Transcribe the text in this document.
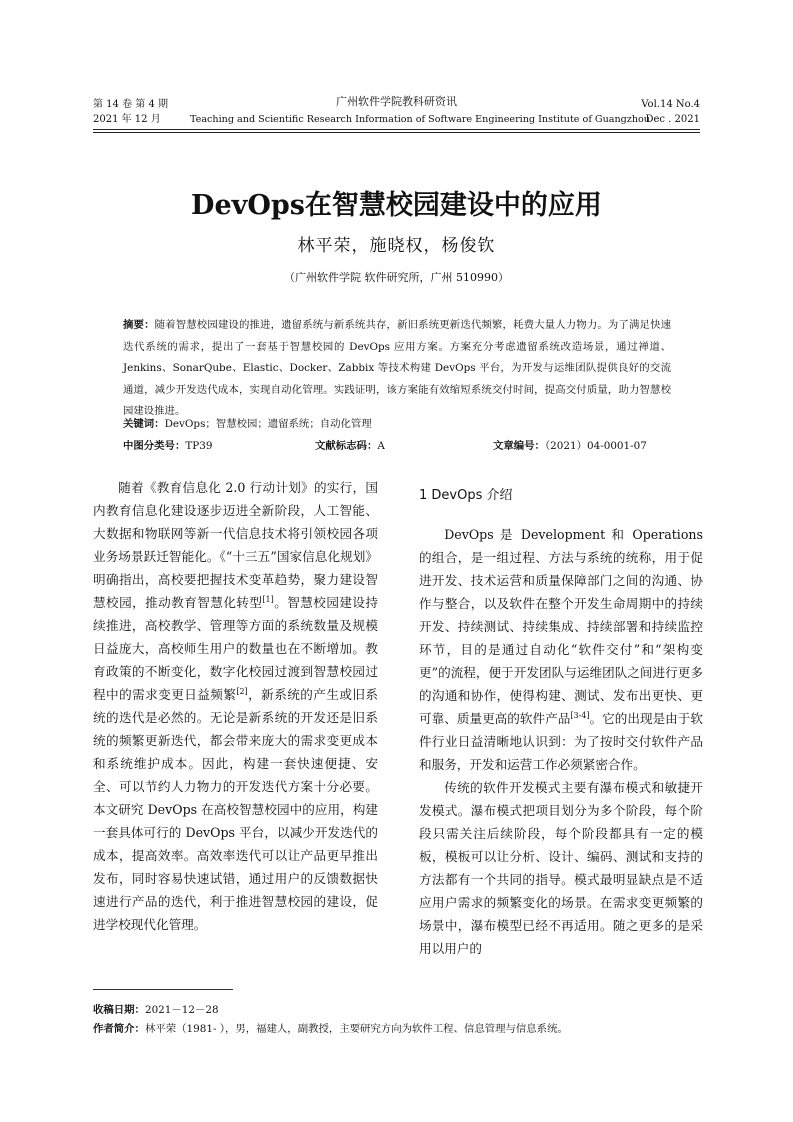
第 14 卷 第 4 期
2021 年 12 月
广州软件学院教科研资讯
Teaching and Scientific Research Information of Software Engineering Institute of Guangzhou
Vol.14 No.4
Dec . 2021
DevOps在智慧校园建设中的应用
林平荣，施晓权，杨俊钦
（广州软件学院 软件研究所，广州 510990）
摘要：随着智慧校园建设的推进，遗留系统与新系统共存，新旧系统更新迭代频繁，耗费大量人力物力。为了满足快速迭代系统的需求，提出了一套基于智慧校园的 DevOps 应用方案。方案充分考虑遗留系统改造场景，通过禅道、Jenkins、SonarQube、Elastic、Docker、Zabbix 等技术构建 DevOps 平台，为开发与运维团队提供良好的交流通道，减少开发迭代成本，实现自动化管理。实践证明，该方案能有效缩短系统交付时间，提高交付质量，助力智慧校园建设推进。
关键词：DevOps；智慧校园；遗留系统；自动化管理
中图分类号：TP39	文献标志码：A	文章编号：（2021）04-0001-07

随着《教育信息化 2.0 行动计划》的实行，国内教育信息化建设逐步迈进全新阶段，人工智能、大数据和物联网等新一代信息技术将引领校园各项业务场景跃迁智能化。《“十三五”国家信息化规划》明确指出，高校要把握技术变革趋势，聚力建设智慧校园，推动教育智慧化转型[1]。智慧校园建设持续推进，高校教学、管理等方面的系统数量及规模日益庞大，高校师生用户的数量也在不断增加。教育政策的不断变化，数字化校园过渡到智慧校园过程中的需求变更日益频繁[2]，新系统的产生或旧系统的迭代是必然的。无论是新系统的开发还是旧系统的频繁更新迭代，都会带来庞大的需求变更成本和系统维护成本。因此，构建一套快速便捷、安全、可以节约人力物力的开发迭代方案十分必要。本文研究 DevOps 在高校智慧校园中的应用，构建一套具体可行的 DevOps 平台，以减少开发迭代的成本，提高效率。高效率迭代可以让产品更早推出发布，同时容易快速试错，通过用户的反馈数据快速进行产品的迭代，利于推进智慧校园的建设，促进学校现代化管理。

1 DevOps 介绍

DevOps 是 Development 和 Operations 的组合，是一组过程、方法与系统的统称，用于促进开发、技术运营和质量保障部门之间的沟通、协作与整合，以及软件在整个开发生命周期中的持续开发、持续测试、持续集成、持续部署和持续监控环节，目的是通过自动化“软件交付”和“架构变更”的流程，便于开发团队与运维团队之间进行更多的沟通和协作，使得构建、测试、发布出更快、更可靠、质量更高的软件产品[3-4]。它的出现是由于软件行业日益清晰地认识到：为了按时交付软件产品和服务，开发和运营工作必须紧密合作。

传统的软件开发模式主要有瀑布模式和敏捷开发模式。瀑布模式把项目划分为多个阶段，每个阶段只需关注后续阶段，每个阶段都具有一定的模板，模板可以让分析、设计、编码、测试和支持的方法都有一个共同的指导。模式最明显缺点是不适应用户需求的频繁变化的场景。在需求变更频繁的场景中，瀑布模型已经不再适用。随之更多的是采用以用户的

收稿日期：2021－12－28
作者简介：林平荣（1981- ），男，福建人，副教授，主要研究方向为软件工程、信息管理与信息系统。
